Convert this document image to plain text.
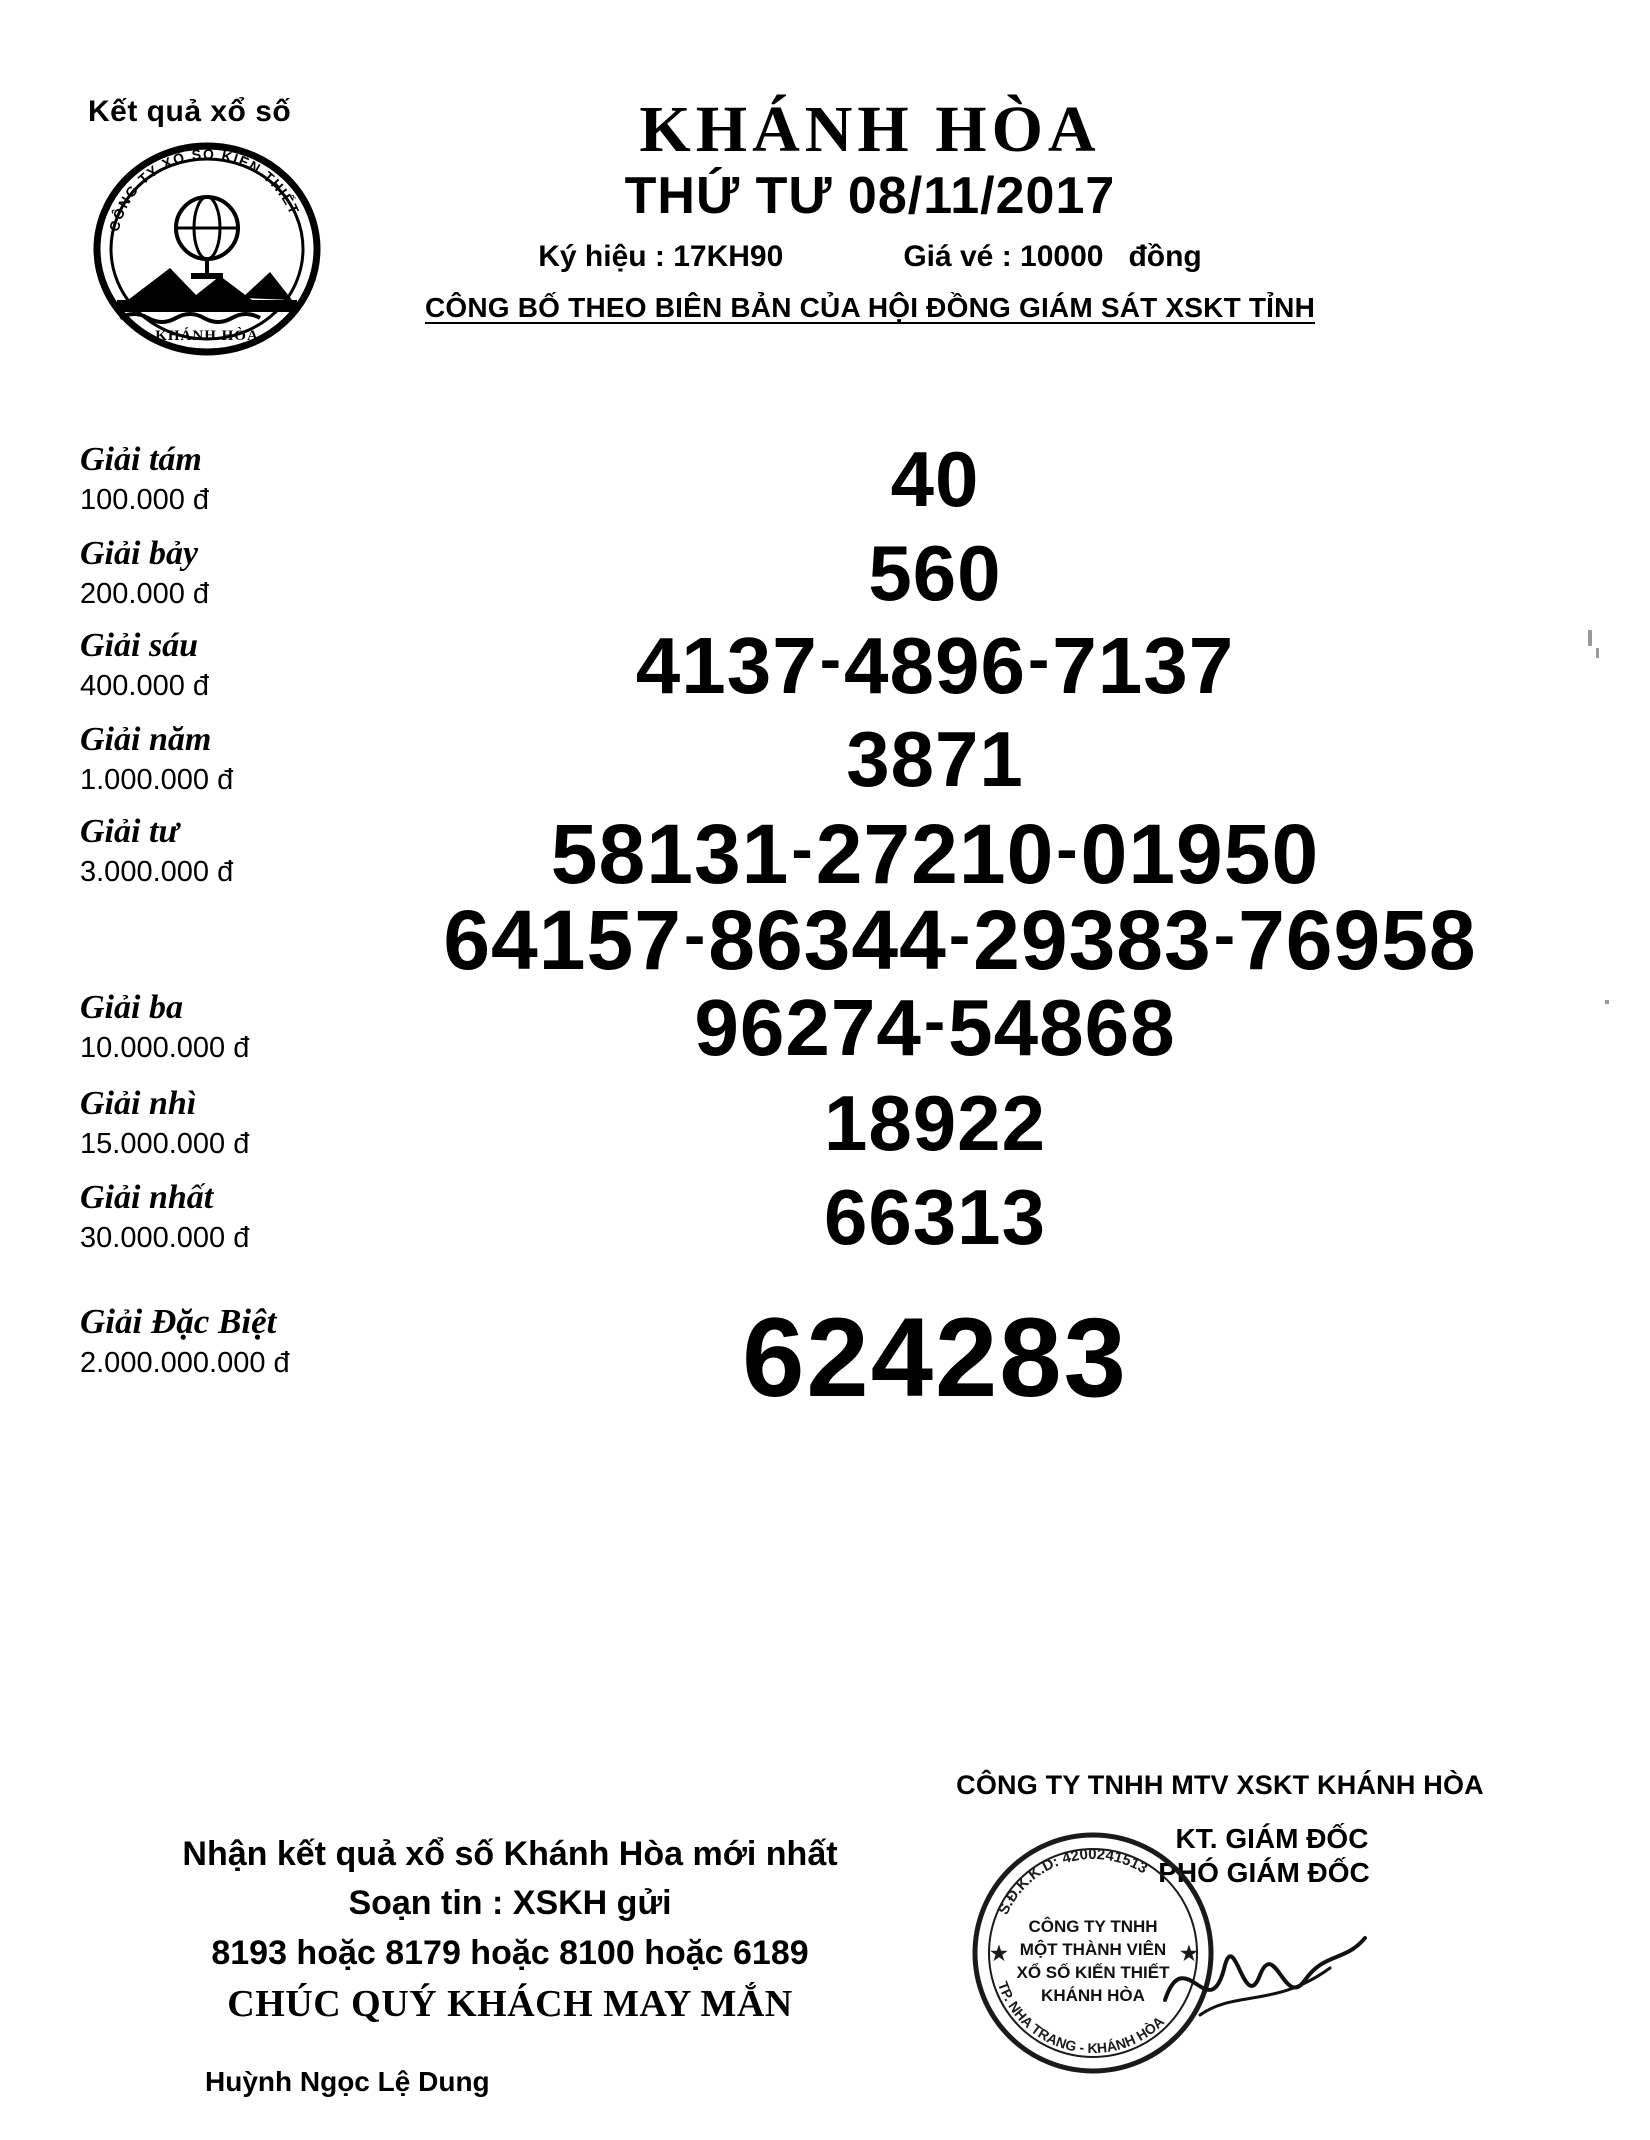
Kết quả xổ số
KHÁNH HÒA
CÔNG TY XỔ SỐ KIẾN THIẾT
KHÁNH HÒA
THỨ TƯ 08/11/2017
Ký hiệu : 17KH90	Giá vé : 10000   đồng
CÔNG BỐ THEO BIÊN BẢN CỦA HỘI ĐỒNG GIÁM SÁT XSKT TỈNH
Giải tám
100.000 đ	40
Giải bảy
200.000 đ	560
Giải sáu
400.000 đ	4137-4896-7137
Giải năm
1.000.000 đ	3871
Giải tư
3.000.000 đ	58131-27210-01950
64157-86344-29383-76958
Giải ba
10.000.000 đ	96274-54868
Giải nhì
15.000.000 đ	18922
Giải nhất
30.000.000 đ	66313
Giải Đặc Biệt
2.000.000.000 đ	624283
Nhận kết quả xổ số Khánh Hòa mới nhất
Soạn tin : XSKH gửi
8193 hoặc 8179 hoặc 8100 hoặc 6189
CHÚC QUÝ KHÁCH MAY MẮN
CÔNG TY TNHH MTV XSKT KHÁNH HÒA
KT. GIÁM ĐỐC
PHÓ GIÁM ĐỐC
S.Đ.K.K.D: 4200241513
TP. NHA TRANG - KHÁNH HÒA
★	★
CÔNG TY TNHH
MỘT THÀNH VIÊN
XỔ SỐ KIẾN THIẾT
KHÁNH HÒA
Huỳnh Ngọc Lệ Dung
